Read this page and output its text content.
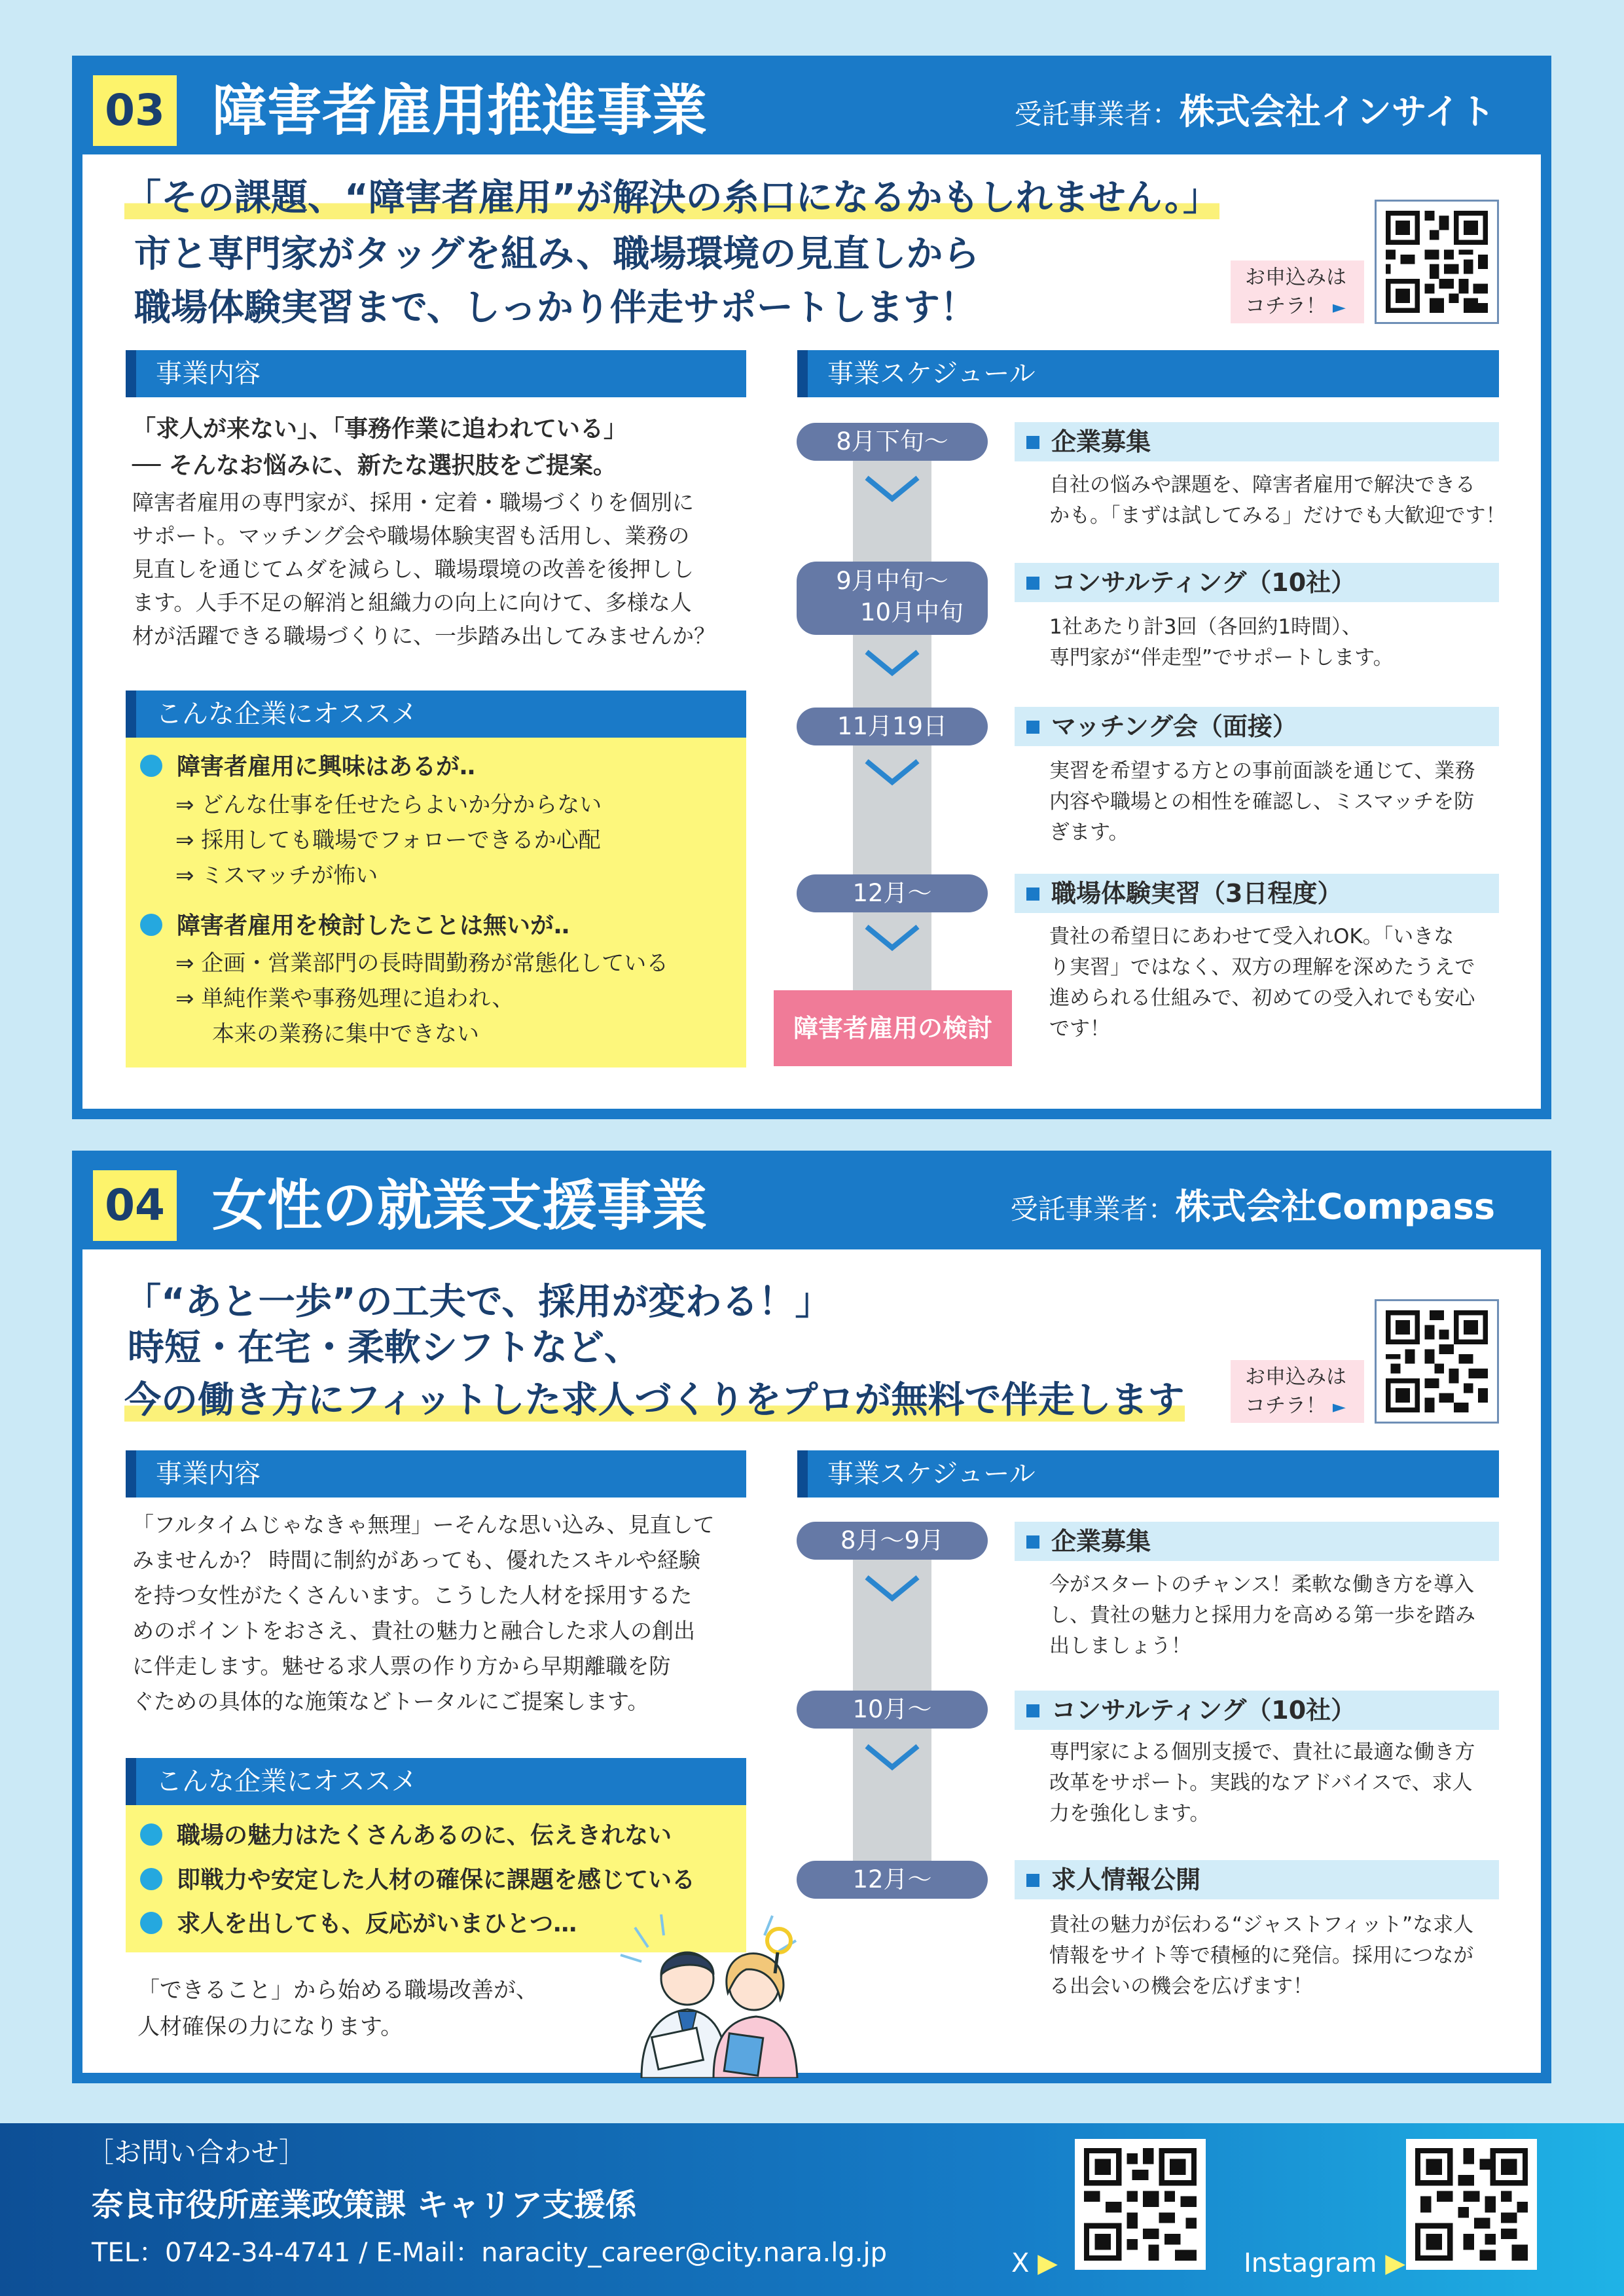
03 障害者雇用推進事業	受託事業者：株式会社インサイト
「その課題、“障害者雇用”が解決の糸口になるかもしれません。」
市と専門家がタッグを組み、職場環境の見直しから
職場体験実習まで、しっかり伴走サポートします！
お申込みは
コチラ！ ►
事業内容
「求人が来ない」、「事務作業に追われている」
── そんなお悩みに、新たな選択肢をご提案。
障害者雇用の専門家が、採用・定着・職場づくりを個別に
サポート。マッチング会や職場体験実習も活用し、業務の
見直しを通じてムダを減らし、職場環境の改善を後押しし
ます。人手不足の解消と組織力の向上に向けて、多様な人
材が活躍できる職場づくりに、一歩踏み出してみませんか？
こんな企業にオススメ
障害者雇用に興味はあるが‥
⇒ どんな仕事を任せたらよいか分からない
⇒ 採用しても職場でフォローできるか心配
⇒ ミスマッチが怖い
障害者雇用を検討したことは無いが‥
⇒ 企画・営業部門の長時間勤務が常態化している
⇒ 単純作業や事務処理に追われ、
本来の業務に集中できない
事業スケジュール
8月下旬～	企業募集
自社の悩みや課題を、障害者雇用で解決できる
かも。「まずは試してみる」だけでも大歓迎です！
9月中旬～
10月中旬
コンサルティング（10社）
1社あたり計3回（各回約1時間）、
専門家が“伴走型”でサポートします。
11月19日	マッチング会（面接）
実習を希望する方との事前面談を通じて、業務
内容や職場との相性を確認し、ミスマッチを防
ぎます。
12月～	職場体験実習（3日程度）
貴社の希望日にあわせて受入れOK。「いきな
り実習」ではなく、双方の理解を深めたうえで
進められる仕組みで、初めての受入れでも安心
です！
障害者雇用の検討
04 女性の就業支援事業	受託事業者：株式会社Compass
「“あと一歩”の工夫で、採用が変わる！」
時短・在宅・柔軟シフトなど、
今の働き方にフィットした求人づくりをプロが無料で伴走します
お申込みは
コチラ！ ►
事業内容
「フルタイムじゃなきゃ無理」ーそんな思い込み、見直して
みませんか？ 時間に制約があっても、優れたスキルや経験
を持つ女性がたくさんいます。こうした人材を採用するた
めのポイントをおさえ、貴社の魅力と融合した求人の創出
に伴走します。魅せる求人票の作り方から早期離職を防
ぐための具体的な施策などトータルにご提案します。
こんな企業にオススメ
職場の魅力はたくさんあるのに、伝えきれない
即戦力や安定した人材の確保に課題を感じている
求人を出しても、反応がいまひとつ…
「できること」から始める職場改善が、
人材確保の力になります。
事業スケジュール
8月～9月	企業募集
今がスタートのチャンス！柔軟な働き方を導入
し、貴社の魅力と採用力を高める第一歩を踏み
出しましょう！
10月～	コンサルティング（10社）
専門家による個別支援で、貴社に最適な働き方
改革をサポート。実践的なアドバイスで、求人
力を強化します。
12月～	求人情報公開
貴社の魅力が伝わる“ジャストフィット”な求人
情報をサイト等で積極的に発信。採用につなが
る出会いの機会を広げます！
［お問い合わせ］
奈良市役所産業政策課 キャリア支援係
TEL：0742-34-4741 / E-Mail：naracity_career@city.nara.lg.jp	X ▶	Instagram ▶
